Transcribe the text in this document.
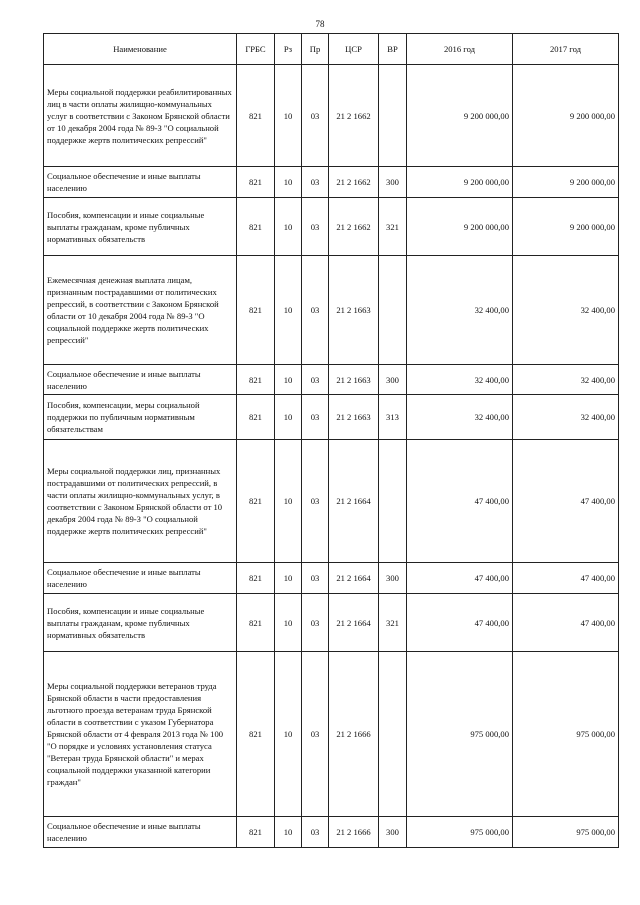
78
Наименование	ГРБС	Рз	Пр	ЦСР	ВР	2016 год	2017 год
Меры социальной поддержки реабилитированных лиц в части оплаты жилищно-коммунальных услуг в соответствии с Законом Брянской области от 10 декабря 2004 года № 89-З "О социальной поддержке жертв политических репрессий"	821	10	03	21 2 1662		9 200 000,00	9 200 000,00
Социальное обеспечение и иные выплаты населению	821	10	03	21 2 1662	300	9 200 000,00	9 200 000,00
Пособия, компенсации и иные социальные выплаты гражданам, кроме публичных нормативных обязательств	821	10	03	21 2 1662	321	9 200 000,00	9 200 000,00
Ежемесячная денежная выплата лицам, признанным пострадавшими от политических репрессий, в соответствии с Законом Брянской области от 10 декабря 2004 года № 89-З "О социальной поддержке жертв политических репрессий"	821	10	03	21 2 1663		32 400,00	32 400,00
Социальное обеспечение и иные выплаты населению	821	10	03	21 2 1663	300	32 400,00	32 400,00
Пособия, компенсации, меры социальной поддержки по публичным нормативным обязательствам	821	10	03	21 2 1663	313	32 400,00	32 400,00
Меры социальной поддержки лиц, признанных пострадавшими от политических репрессий, в части оплаты жилищно-коммунальных услуг, в соответствии с Законом Брянской области от 10 декабря 2004 года № 89-З "О социальной поддержке жертв политических репрессий"	821	10	03	21 2 1664		47 400,00	47 400,00
Социальное обеспечение и иные выплаты населению	821	10	03	21 2 1664	300	47 400,00	47 400,00
Пособия, компенсации и иные социальные выплаты гражданам, кроме публичных нормативных обязательств	821	10	03	21 2 1664	321	47 400,00	47 400,00
Меры социальной поддержки ветеранов труда Брянской области в части предоставления льготного проезда ветеранам труда Брянской области в соответствии с указом Губернатора Брянской области от 4 февраля 2013 года № 100 "О порядке и условиях установления статуса "Ветеран труда Брянской области" и мерах социальной поддержки указанной категории граждан"	821	10	03	21 2 1666		975 000,00	975 000,00
Социальное обеспечение и иные выплаты населению	821	10	03	21 2 1666	300	975 000,00	975 000,00
